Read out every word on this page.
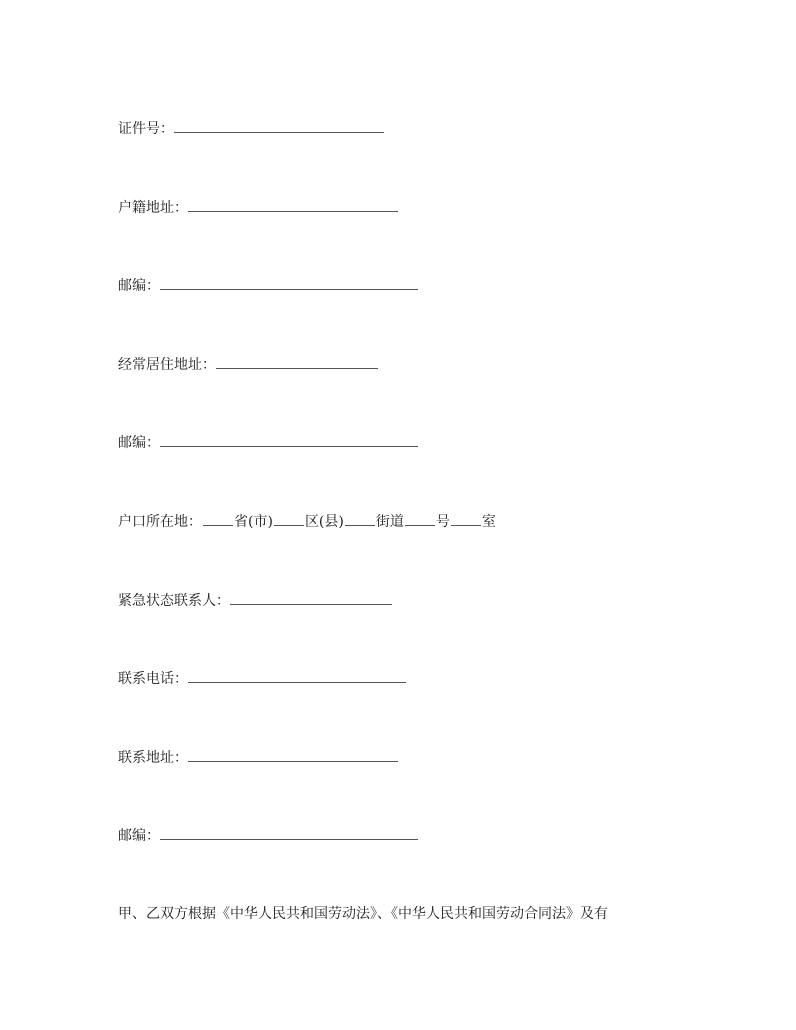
证件号：
户籍地址：
邮编：
经常居住地址：
邮编：
户口所在地： 省(市) 区(县) 街道 号 室
紧急状态联系人：
联系电话：
联系地址：
邮编：
甲、乙双方根据《中华人民共和国劳动法》、《中华人民共和国劳动合同法》及有
